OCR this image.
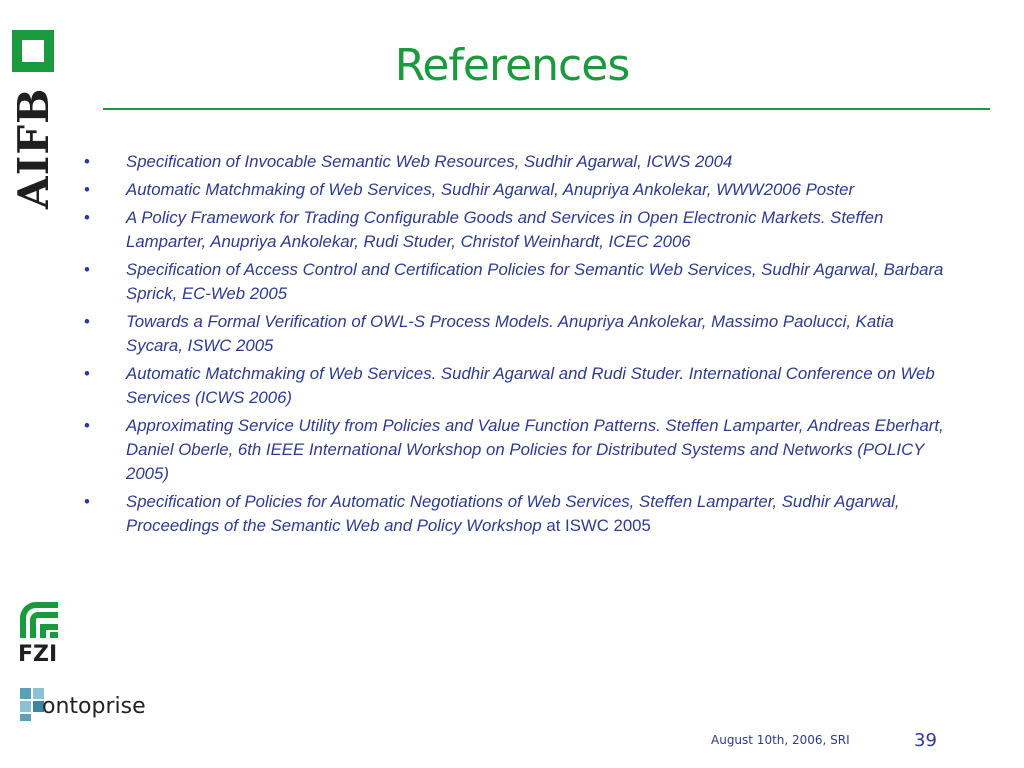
AIFB
References
• Specification of Invocable Semantic Web Resources, Sudhir Agarwal, ICWS 2004
• Automatic Matchmaking of Web Services, Sudhir Agarwal, Anupriya Ankolekar, WWW2006 Poster
• A Policy Framework for Trading Configurable Goods and Services in Open Electronic Markets. Steffen Lamparter, Anupriya Ankolekar, Rudi Studer, Christof Weinhardt, ICEC 2006
• Specification of Access Control and Certification Policies for Semantic Web Services, Sudhir Agarwal, Barbara Sprick, EC-Web 2005
• Towards a Formal Verification of OWL-S Process Models. Anupriya Ankolekar, Massimo Paolucci, Katia Sycara, ISWC 2005
• Automatic Matchmaking of Web Services. Sudhir Agarwal and Rudi Studer. International Conference on Web Services (ICWS 2006)
• Approximating Service Utility from Policies and Value Function Patterns. Steffen Lamparter, Andreas Eberhart, Daniel Oberle, 6th IEEE International Workshop on Policies for Distributed Systems and Networks (POLICY 2005)
• Specification of Policies for Automatic Negotiations of Web Services, Steffen Lamparter, Sudhir Agarwal, Proceedings of the Semantic Web and Policy Workshop at ISWC 2005
FZI
ontoprise
August 10th, 2006, SRI	39
